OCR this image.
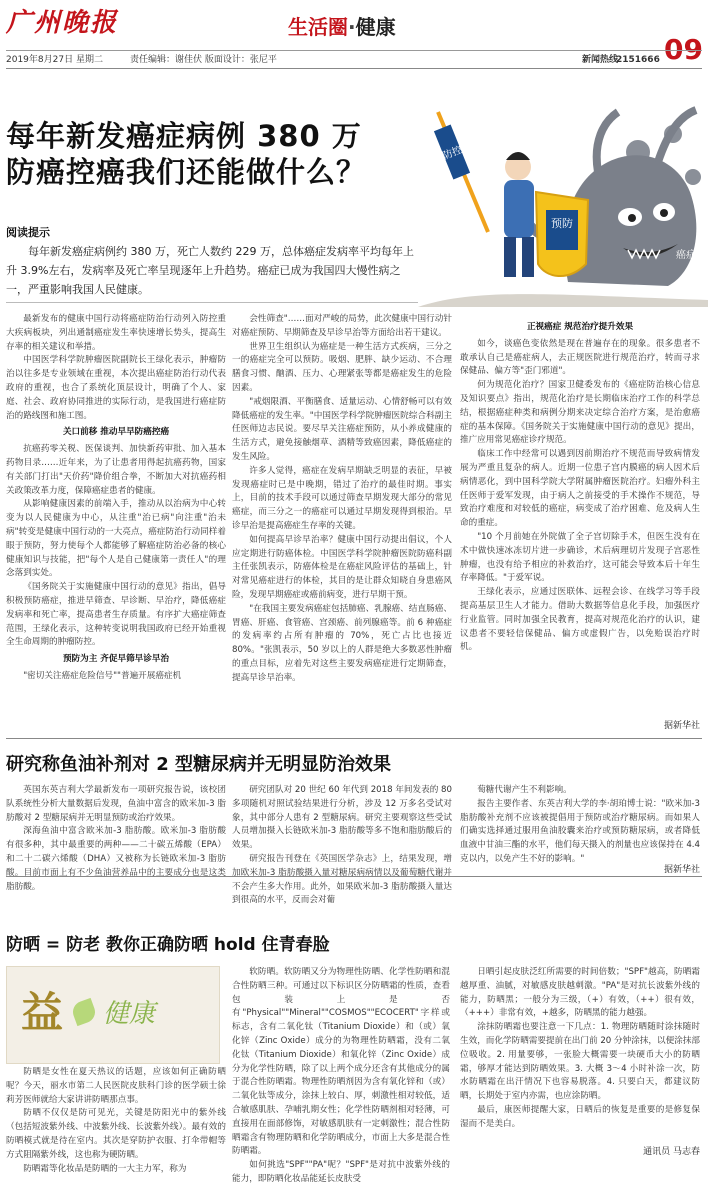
广州晚报	生活圈·健康
09
2019年8月27日 星期二	责任编辑：谢佳伏 版面设计：张尼平	新闻热线
2151666
每年新发癌症病例 380 万
防癌控癌我们还能做什么？
预防
防控
癌症
阅读提示
每年新发癌症病例约 380 万，死亡人数约 229 万，总体癌症发病率平均每年上升 3.9%左右，发病率及死亡率呈现逐年上升趋势。癌症已成为我国四大慢性病之一，严重影响我国人民健康。

最新发布的健康中国行动将癌症防治行动列入防控重大疾病板块，列出通制癌症发生率快速增长势头，提高生存率的相关建议和举措。

中国医学科学院肿瘤医院副院长王绿化表示，肿瘤防治以往多是专业领域在重视，本次提出癌症防治行动代表政府的重视，也合了系统化顶层设计，明确了个人、家庭、社会、政府协同推进的实际行动，是我国进行癌症防治的路线图和施工图。

关口前移 推动早早防癌控癌

抗癌药零关税、医保谈判、加快新药审批、加入基本药物目录……近年来，为了让患者用得起抗癌药物，国家有关部门打出"天价药"降价组合拳，不断加大对抗癌药相关政策改革力度，保障癌症患者的健康。

从影响健康因素的前端入手，推动从以治病为中心转变为以人民健康为中心，从注重"治已病"向注重"治未病"转变是健康中国行动的一大亮点，癌症防治行动同样着眼于预防，努力使每个人都能够了解癌症防治必备的核心健康知识与技能，把"每个人是自己健康第一责任人"的理念落到实处。

《国务院关于实施健康中国行动的意见》指出，倡导积极预防癌症，推进早筛查、早诊断、早治疗，降低癌症发病率和死亡率，提高患者生存质量。有序扩大癌症筛查范围，王绿化表示，这种转变说明我国政府已经开始重视全生命周期的肿瘤防控。

预防为主 齐促早筛早诊早治

"密切关注癌症危险信号""普遍开展癌症机

会性筛查"……面对严峻的局势，此次健康中国行动针对癌症预防、早期筛查及早诊早治等方面给出若干建议。

世界卫生组织认为癌症是一种生活方式疾病，三分之一的癌症完全可以预防。吸烟、肥胖、缺少运动、不合理膳食习惯、酗酒、压力、心理紧张等都是癌症发生的危险因素。

"戒烟限酒、平衡膳食、适量运动、心情舒畅可以有效降低癌症的发生率。"中国医学科学院肿瘤医院综合科副主任医师边志民说。要尽早关注癌症预防，从小养成健康的生活方式，避免接触烟草、酒精等致癌因素，降低癌症的发生风险。

许多人觉得，癌症在发病早期缺乏明显的表征，早被发现癌症时已是中晚期，错过了治疗的最佳时期。事实上，目前的技术手段可以通过筛查早期发现大部分的常见癌症，而三分之一的癌症可以通过早期发现得到根治。早诊早治是提高癌症生存率的关键。

如何提高早诊早治率？健康中国行动提出倡议，个人应定期进行防癌体检。中国医学科学院肿瘤医院防癌科副主任张凯表示，防癌体检是在癌症风险评估的基础上，针对常见癌症进行的体检，其目的是让群众知晓自身患癌风险，发现早期癌症或癌前病变，进行早期干预。

"在我国主要发病癌症包括肺癌、乳腺癌、结直肠癌、胃癌、肝癌、食管癌、宫颈癌、前列腺癌等。前 6 种癌症的发病率约占所有肿瘤的 70%，死亡占比也接近 80%。"张凯表示，50 岁以上的人群是绝大多数恶性肿瘤的重点目标，应着先对这些主要发病癌症进行定期筛查，提高早诊早治率。

正视癌症 规范治疗提升效果

如今，谈癌色变依然是现在普遍存在的现象。很多患者不敢承认自己是癌症病人，去正规医院进行规范治疗，转而寻求保健品、偏方等"歪门邪道"。

何为规范化治疗？国家卫健委发布的《癌症防治核心信息及知识要点》指出，规范化治疗是长期临床治疗工作的科学总结，根据癌症种类和病例分期来决定综合治疗方案，是治愈癌症的基本保障。《国务院关于实施健康中国行动的意见》提出，推广应用常见癌症诊疗规范。

临床工作中经常可以遇到因前期治疗不规范而导致病情发展为严重且复杂的病人。近期一位患子宫内膜癌的病人因术后病情恶化，到中国科学院大学附属肿瘤医院治疗。妇瘤外科主任医师于爱军发现，由于病人之前接受的手术操作不规范，导致治疗难度和对较低的癌症，病变成了治疗困难、危及病人生命的重症。

"10 个月前她在外院做了全子宫切除手术，但医生没有在术中做快速冰冻切片进一步确诊，术后病理切片发现子宫恶性肿瘤，也没有给予相应的补救治疗，这可能会导致本后十年生存率降低。"于爱军说。

王绿化表示，应通过医联体、远程会诊、在线学习等手段提高基层卫生人才能力。借助大数据等信息化手段，加强医疗行业监管。同时加强全民教育，提高对规范化治疗的认识，建议患者不要轻信保健品、偏方或虚假广告，以免贻误治疗时机。

据新华社
研究称鱼油补剂对 2 型糖尿病并无明显防治效果

英国东英吉利大学最新发布一项研究报告说，该校团队系统性分析大量数据后发现，鱼油中富含的欧米加-3 脂肪酸对 2 型糖尿病并无明显预防或治疗效果。

深海鱼油中富含欧米加-3 脂肪酸。欧米加-3 脂肪酸有很多种，其中最重要的两种——二十碳五烯酸（EPA）和二十二碳六烯酸（DHA）又被称为长链欧米加-3 脂肪酸。目前市面上有不少鱼油营养品中的主要成分也是这类脂肪酸。

研究团队对 20 世纪 60 年代到 2018 年间发表的 80 多项随机对照试验结果进行分析，涉及 12 万多名受试对象，其中部分人患有 2 型糖尿病。研究主要观察这些受试人员增加摄入长链欧米加-3 脂肪酸等多不饱和脂肪酸后的效果。

研究报告刊登在《英国医学杂志》上，结果发现，增加欧米加-3 脂肪酸摄入量对糖尿病病情以及葡萄糖代谢并不会产生多大作用。此外，如果欧米加-3 脂肪酸摄入量达到很高的水平，反而会对葡

萄糖代谢产生不利影响。

报告主要作者、东英吉利大学的李·胡珀博士说："欧米加-3 脂肪酸补充剂不应该被提倡用于预防或治疗糖尿病。而如果人们确实选择通过服用鱼油胶囊来治疗或预防糖尿病，或者降低血液中甘油三酯的水平，他们每天摄入的剂量也应该保持在 4.4 克以内，以免产生不好的影响。"

据新华社
防晒 = 防老 教你正确防晒 hold 住青春脸
益 健康

防晒是女性在夏天热议的话题，应该如何正确防晒呢？今天，丽水市第二人民医院皮肤科门诊的医学硕士徐莉芳医师就给大家讲讲防晒那点事。

防晒不仅仅是防可见光，关键是防阳光中的紫外线（包括短波紫外线、中波紫外线、长波紫外线）。最有效的防晒模式就是待在室内。其次是穿防护衣服、打伞带帽等方式阻隔紫外线，这也称为硬防晒。

防晒霜等化妆品是防晒的一大主力军，称为

软防晒。软防晒又分为物理性防晒、化学性防晒和混合性防晒三种。可通过以下标识区分防晒霜的性质，查看包装上是否有"Physical""Mineral""COSMOS""ECOCERT"字样或标志，含有二氧化钛（Titanium Dioxide）和（或）氧化锌（Zinc Oxide）成分的为物理性防晒霜，没有二氧化钛（Titanium Dioxide）和氧化锌（Zinc Oxide）成分为化学性防晒，除了以上两个成分还含有其他成分的属于混合性防晒霜。物理性防晒剂因为含有氧化锌和（或）二氧化钛等成分，涂抹上较白、厚，刺激性相对较低，适合敏感肌肤、孕哺乳期女性；化学性防晒剂相对轻薄，可直接用在面部修饰，对敏感肌肤有一定刺激性；混合性防晒霜含有物理防晒和化学防晒成分，市面上大多是混合性防晒霜。

如何挑选"SPF""PA"呢？"SPF"是对抗中波紫外线的能力，即防晒化妆品能延长皮肤受

日晒引起皮肤泛红所需要的时间倍数；"SPF"越高，防晒霜越厚重、油腻，对敏感皮肤越刺激。"PA"是对抗长波紫外线的能力，防晒黑；一般分为三级，（+）有效，（++）很有效，（+++）非常有效，+越多，防晒黑的能力越强。

涂抹防晒霜也要注意一下几点：1. 物理防晒随时涂抹随时生效，而化学防晒需要提前在出门前 20 分钟涂抹，以便涂抹部位吸收。2. 用量要够，一张脸大概需要一块硬币大小的防晒霜，够厚才能达到防晒效果。3. 大概 3～4 小时补涂一次，防水防晒霜在出汗情况下也容易脱落。4. 只要白天，都建议防晒，长期处于室内亦需，也应涂防晒。

最后，康医师提醒大家，日晒后的恢复是重要的是修复保湿而不是美白。

通讯员 马志春
